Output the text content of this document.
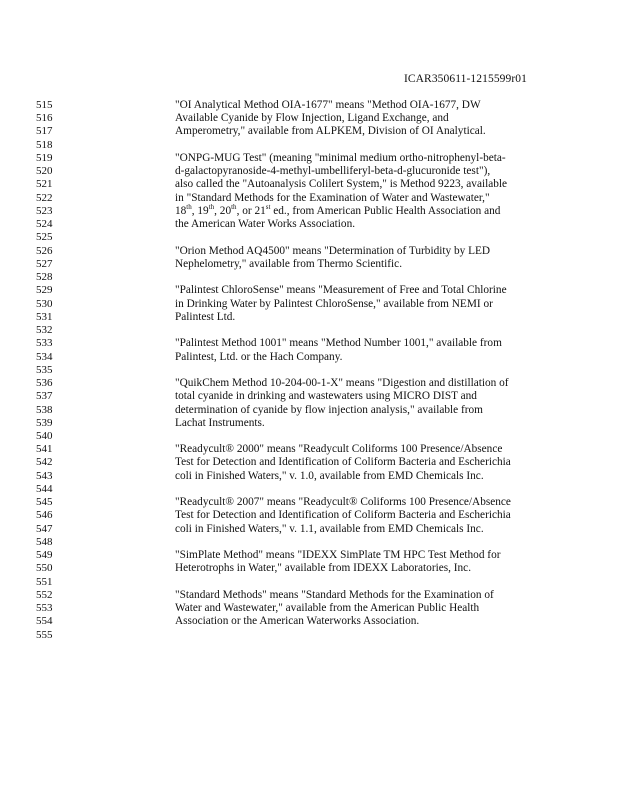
ICAR350611-1215599r01
515
516
517
518
519
520
521
522
523
524
525
526
527
528
529
530
531
532
533
534
535
536
537
538
539
540
541
542
543
544
545
546
547
548
549
550
551
552
553
554
555
18th, 19th, 20th, or 21st ed., from American Public Health Association and
"OI Analytical Method OIA-1677" means "Method OIA-1677, DW
Available Cyanide by Flow Injection, Ligand Exchange, and
Amperometry," available from ALPKEM, Division of OI Analytical.
"ONPG-MUG Test" (meaning "minimal medium ortho-nitrophenyl-beta-
d-galactopyranoside-4-methyl-umbelliferyl-beta-d-glucuronide test"),
also called the "Autoanalysis Colilert System," is Method 9223, available
in "Standard Methods for the Examination of Water and Wastewater,"
the American Water Works Association.
"Orion Method AQ4500" means "Determination of Turbidity by LED
Nephelometry," available from Thermo Scientific.
"Palintest ChloroSense" means "Measurement of Free and Total Chlorine
in Drinking Water by Palintest ChloroSense," available from NEMI or
Palintest Ltd.
"Palintest Method 1001" means "Method Number 1001," available from
Palintest, Ltd. or the Hach Company.
"QuikChem Method 10-204-00-1-X" means "Digestion and distillation of
total cyanide in drinking and wastewaters using MICRO DIST and
determination of cyanide by flow injection analysis," available from
Lachat Instruments.
"Readycult® 2000" means "Readycult Coliforms 100 Presence/Absence
Test for Detection and Identification of Coliform Bacteria and Escherichia
coli in Finished Waters," v. 1.0, available from EMD Chemicals Inc.
"Readycult® 2007" means "Readycult® Coliforms 100 Presence/Absence
Test for Detection and Identification of Coliform Bacteria and Escherichia
coli in Finished Waters," v. 1.1, available from EMD Chemicals Inc.
"SimPlate Method" means "IDEXX SimPlate TM HPC Test Method for
Heterotrophs in Water," available from IDEXX Laboratories, Inc.
"Standard Methods" means "Standard Methods for the Examination of
Water and Wastewater," available from the American Public Health
Association or the American Waterworks Association.
